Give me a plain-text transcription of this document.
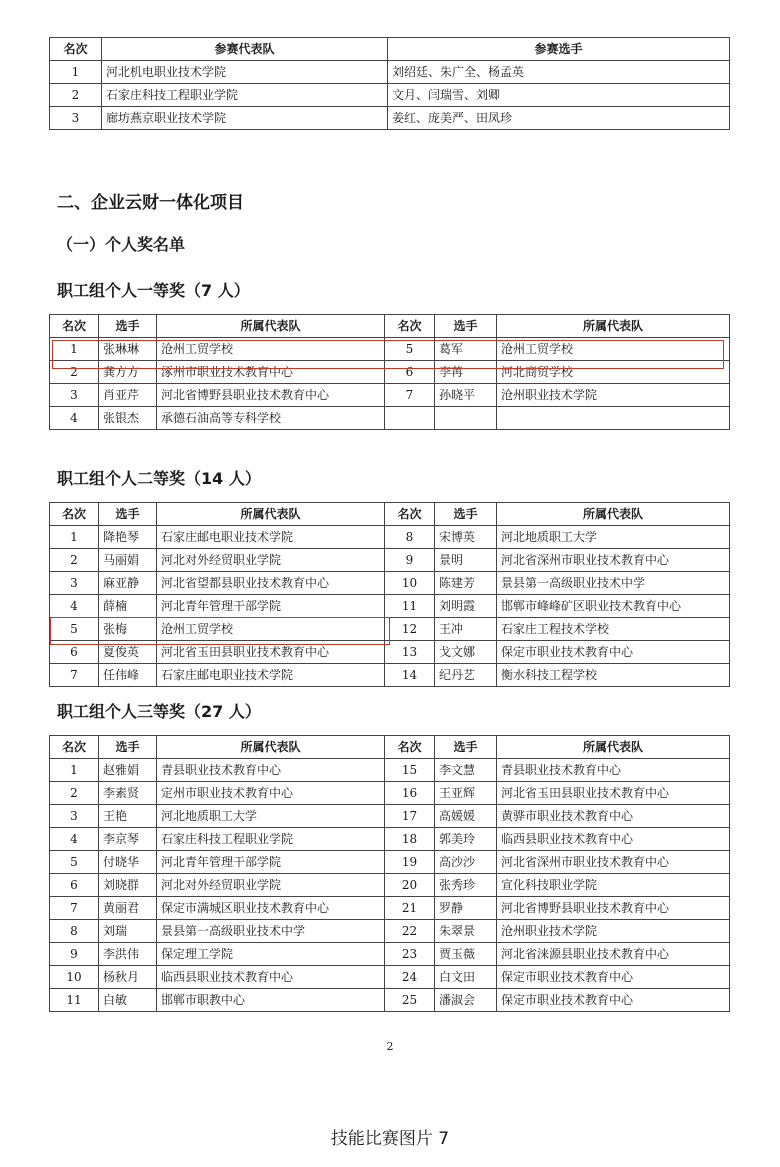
名次	参赛代表队	参赛选手
1	河北机电职业技术学院	刘绍廷、朱广全、杨孟英
2	石家庄科技工程职业学院	文月、闫瑞雪、刘卿
3	廊坊燕京职业技术学院	姜红、庞美严、田凤珍
二、企业云财一体化项目
（一）个人奖名单
职工组个人一等奖（7 人）
名次	选手	所属代表队	名次	选手	所属代表队
1	张琳琳	沧州工贸学校	5	葛军	沧州工贸学校
2	龚方方	涿州市职业技术教育中心	6	李苒	河北商贸学校
3	肖亚芹	河北省博野县职业技术教育中心	7	孙晓平	沧州职业技术学院
4	张银杰	承德石油高等专科学校			
职工组个人二等奖（14 人）
名次	选手	所属代表队	名次	选手	所属代表队
1	降艳琴	石家庄邮电职业技术学院	8	宋博英	河北地质职工大学
2	马丽娟	河北对外经贸职业学院	9	景明	河北省深州市职业技术教育中心
3	麻亚静	河北省望都县职业技术教育中心	10	陈建芳	景县第一高级职业技术中学
4	薛楠	河北青年管理干部学院	11	刘明霞	邯郸市峰峰矿区职业技术教育中心
5	张梅	沧州工贸学校	12	王冲	石家庄工程技术学校
6	夏俊英	河北省玉田县职业技术教育中心	13	戈文娜	保定市职业技术教育中心
7	任伟峰	石家庄邮电职业技术学院	14	纪丹艺	衡水科技工程学校
职工组个人三等奖（27 人）
名次	选手	所属代表队	名次	选手	所属代表队
1	赵雅娟	青县职业技术教育中心	15	李文慧	青县职业技术教育中心
2	李素贤	定州市职业技术教育中心	16	王亚辉	河北省玉田县职业技术教育中心
3	王艳	河北地质职工大学	17	高媛媛	黄骅市职业技术教育中心
4	李京琴	石家庄科技工程职业学院	18	郭美玲	临西县职业技术教育中心
5	付晓华	河北青年管理干部学院	19	高沙沙	河北省深州市职业技术教育中心
6	刘晓群	河北对外经贸职业学院	20	张秀珍	宣化科技职业学院
7	黄丽君	保定市满城区职业技术教育中心	21	罗静	河北省博野县职业技术教育中心
8	刘瑞	景县第一高级职业技术中学	22	朱翠景	沧州职业技术学院
9	李洪伟	保定理工学院	23	贾玉薇	河北省涞源县职业技术教育中心
10	杨秋月	临西县职业技术教育中心	24	白文田	保定市职业技术教育中心
11	白敏	邯郸市职教中心	25	潘淑会	保定市职业技术教育中心
2
技能比赛图片 7
